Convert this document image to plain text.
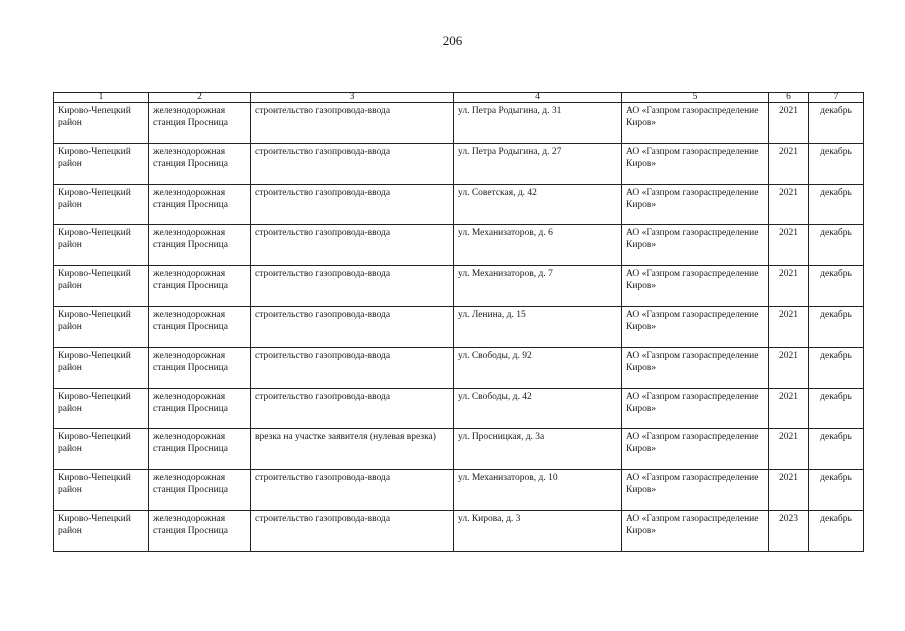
206
1	2	3	4	5	6	7
Кирово-Чепецкий район	железнодорожная станция Просница	строительство газопровода-ввода	ул. Петра Родыгина, д. 31	АО «Газпром газораспределение Киров»	2021	декабрь
Кирово-Чепецкий район	железнодорожная станция Просница	строительство газопровода-ввода	ул. Петра Родыгина, д. 27	АО «Газпром газораспределение Киров»	2021	декабрь
Кирово-Чепецкий район	железнодорожная станция Просница	строительство газопровода-ввода	ул. Советская, д. 42	АО «Газпром газораспределение Киров»	2021	декабрь
Кирово-Чепецкий район	железнодорожная станция Просница	строительство газопровода-ввода	ул. Механизаторов, д. 6	АО «Газпром газораспределение Киров»	2021	декабрь
Кирово-Чепецкий район	железнодорожная станция Просница	строительство газопровода-ввода	ул. Механизаторов, д. 7	АО «Газпром газораспределение Киров»	2021	декабрь
Кирово-Чепецкий район	железнодорожная станция Просница	строительство газопровода-ввода	ул. Ленина, д. 15	АО «Газпром газораспределение Киров»	2021	декабрь
Кирово-Чепецкий район	железнодорожная станция Просница	строительство газопровода-ввода	ул. Свободы, д. 92	АО «Газпром газораспределение Киров»	2021	декабрь
Кирово-Чепецкий район	железнодорожная станция Просница	строительство газопровода-ввода	ул. Свободы, д. 42	АО «Газпром газораспределение Киров»	2021	декабрь
Кирово-Чепецкий район	железнодорожная станция Просница	врезка на участке заявителя (нулевая врезка)	ул. Просницкая, д. 3а	АО «Газпром газораспределение Киров»	2021	декабрь
Кирово-Чепецкий район	железнодорожная станция Просница	строительство газопровода-ввода	ул. Механизаторов, д. 10	АО «Газпром газораспределение Киров»	2021	декабрь
Кирово-Чепецкий район	железнодорожная станция Просница	строительство газопровода-ввода	ул. Кирова, д. 3	АО «Газпром газораспределение Киров»	2023	декабрь
